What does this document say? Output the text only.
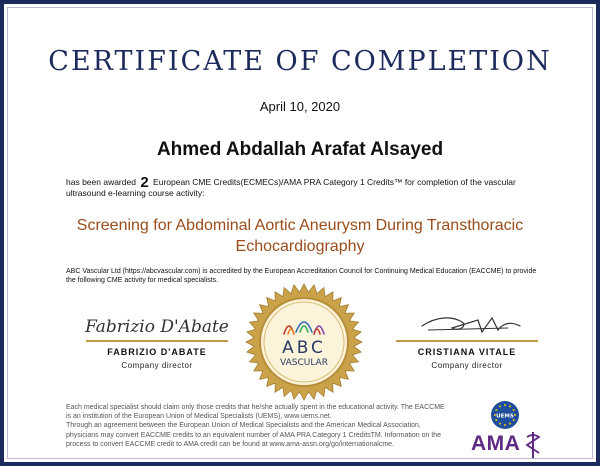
CERTIFICATE OF COMPLETION
April 10, 2020
Ahmed Abdallah Arafat Alsayed
has been awarded 2 European CME Credits(ECMECs)/AMA PRA Category 1 Credits™ for completion of the vascular ultrasound e-learning course activity:
Screening for Abdominal Aortic Aneurysm During Transthoracic
Echocardiography
ABC Vascular Ltd (https://abcvascular.com) is accredited by the European Accreditation Council for Continuing Medical Education (EACCME) to provide the following CME activity for medical specialists.
Fabrizio D'Abate
FABRIZIO D'ABATE
Company director
ABC
VASCULAR
CRISTIANA VITALE
Company director
Each medical specialist should claim only those credits that he/she actually spent in the educational activity. The EACCME is an institution of the European Union of Medical Specialists (UEMS), www.uems.net.
Through an agreement between the European Union of Medical Specialists and the American Medical Association, physicians may convert EACCME credits to an equivalent number of AMA PRA Category 1 CreditsTM. Information on the process to convert EACCME credit to AMA credit can be found at www.ama-assn.org/go/internationalcme.
UEMS
AMA
